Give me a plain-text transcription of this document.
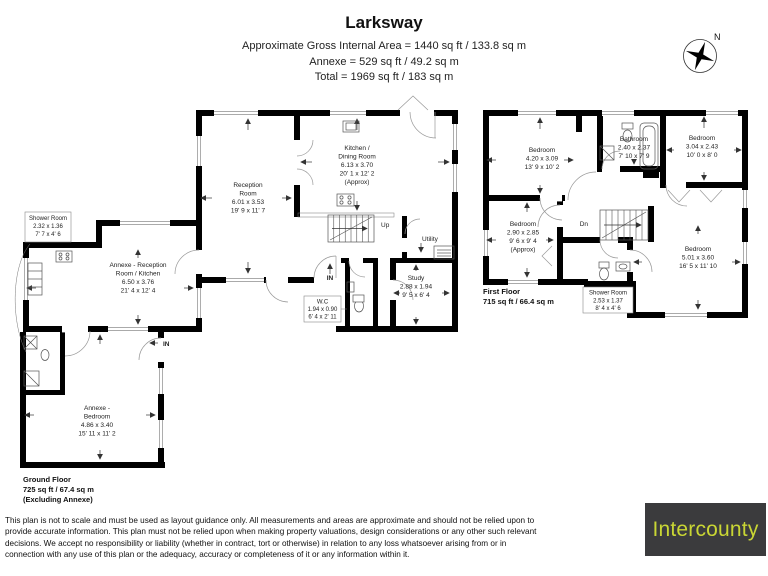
Larksway
Approximate Gross Internal Area = 1440 sq ft / 133.8 sq m
Annexe = 529 sq ft / 49.2 sq m
Total = 1969 sq ft / 183 sq m
N
Reception
Room
6.01 x 3.53
19' 9 x 11' 7
Kitchen /
Dining Room
6.13 x 3.70
20' 1 x 12' 2
(Approx)
Utility
Study
2.88 x 1.94
9' 5 x 6' 4
W.C
1.94 x 0.90
6' 4 x 2' 11
Shower Room
2.32 x 1.36
7' 7 x 4' 6
Annexe - Reception
Room / Kitchen
6.50 x 3.76
21' 4 x 12' 4
Annexe -
Bedroom
4.86 x 3.40
15' 11 x 11' 2
Up
IN
IN
Ground Floor
725 sq ft / 67.4 sq m
(Excluding Annexe)
Bedroom
4.20 x 3.09
13' 9 x 10' 2
Bathroom
2.40 x 2.37
7' 10 x 7' 9
Bedroom
3.04 x 2.43
10' 0 x 8' 0
Bedroom
2.90 x 2.85
9' 6 x 9' 4
(Approx)
Shower Room
2.53 x 1.37
8' 4 x 4' 6
Bedroom
5.01 x 3.60
16' 5 x 11' 10
Dn
First Floor
715 sq ft / 66.4 sq m
This plan is not to scale and must be used as layout guidance only. All measurements and areas are approximate and should not be relied upon to
provide accurate information. This plan must not be relied upon when making property valuations, design considerations or any other such relevant
decisions. We accept no responsibility or liability (whether in contract, tort or otherwise) in relation to any loss whatsoever arising from or in
connection with any use of this plan or the adequacy, accuracy or completeness of it or any information within it.
Intercounty
